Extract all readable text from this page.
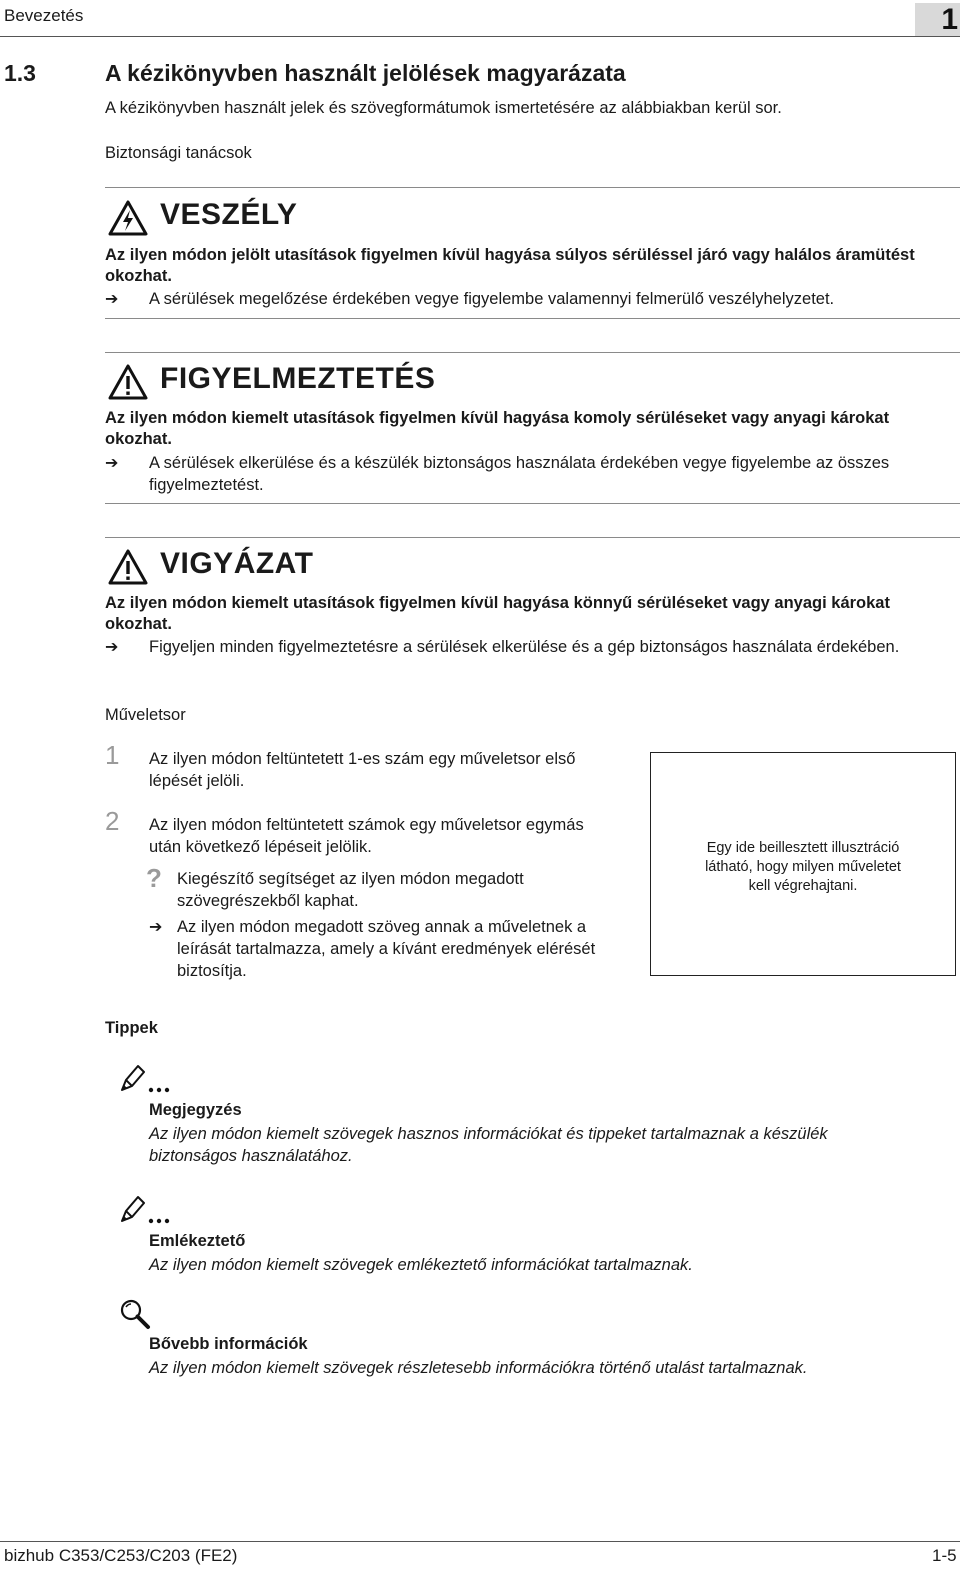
Bevezetés	1
1.3	A kézikönyvben használt jelölések magyarázata
A kézikönyvben használt jelek és szövegformátumok ismertetésére az alábbiakban kerül sor.
Biztonsági tanácsok
VESZÉLY
Az ilyen módon jelölt utasítások figyelmen kívül hagyása súlyos sérüléssel járó vagy halálos áramütést
okozhat.
➔ A sérülések megelőzése érdekében vegye figyelembe valamennyi felmerülő veszélyhelyzetet.
FIGYELMEZTETÉS
Az ilyen módon kiemelt utasítások figyelmen kívül hagyása komoly sérüléseket vagy anyagi károkat
okozhat.
➔ A sérülések elkerülése és a készülék biztonságos használata érdekében vegye figyelembe az összes
figyelmeztetést.
VIGYÁZAT
Az ilyen módon kiemelt utasítások figyelmen kívül hagyása könnyű sérüléseket vagy anyagi károkat
okozhat.
➔ Figyeljen minden figyelmeztetésre a sérülések elkerülése és a gép biztonságos használata érdekében.
Műveletsor
1 Az ilyen módon feltüntetett 1-es szám egy műveletsor első
lépését jelöli.
2 Az ilyen módon feltüntetett számok egy műveletsor egymás
után következő lépéseit jelölik.
? Kiegészítő segítséget az ilyen módon megadott
szövegrészekből kaphat.
➔ Az ilyen módon megadott szöveg annak a műveletnek a
leírását tartalmazza, amely a kívánt eredmények elérését
biztosítja.
Egy ide beillesztett illusztráció
látható, hogy milyen műveletet
kell végrehajtani.
Tippek
Megjegyzés
Az ilyen módon kiemelt szövegek hasznos információkat és tippeket tartalmaznak a készülék
biztonságos használatához.
Emlékeztető
Az ilyen módon kiemelt szövegek emlékeztető információkat tartalmaznak.
Bővebb információk
Az ilyen módon kiemelt szövegek részletesebb információkra történő utalást tartalmaznak.
bizhub C353/C253/C203 (FE2)	1-5
